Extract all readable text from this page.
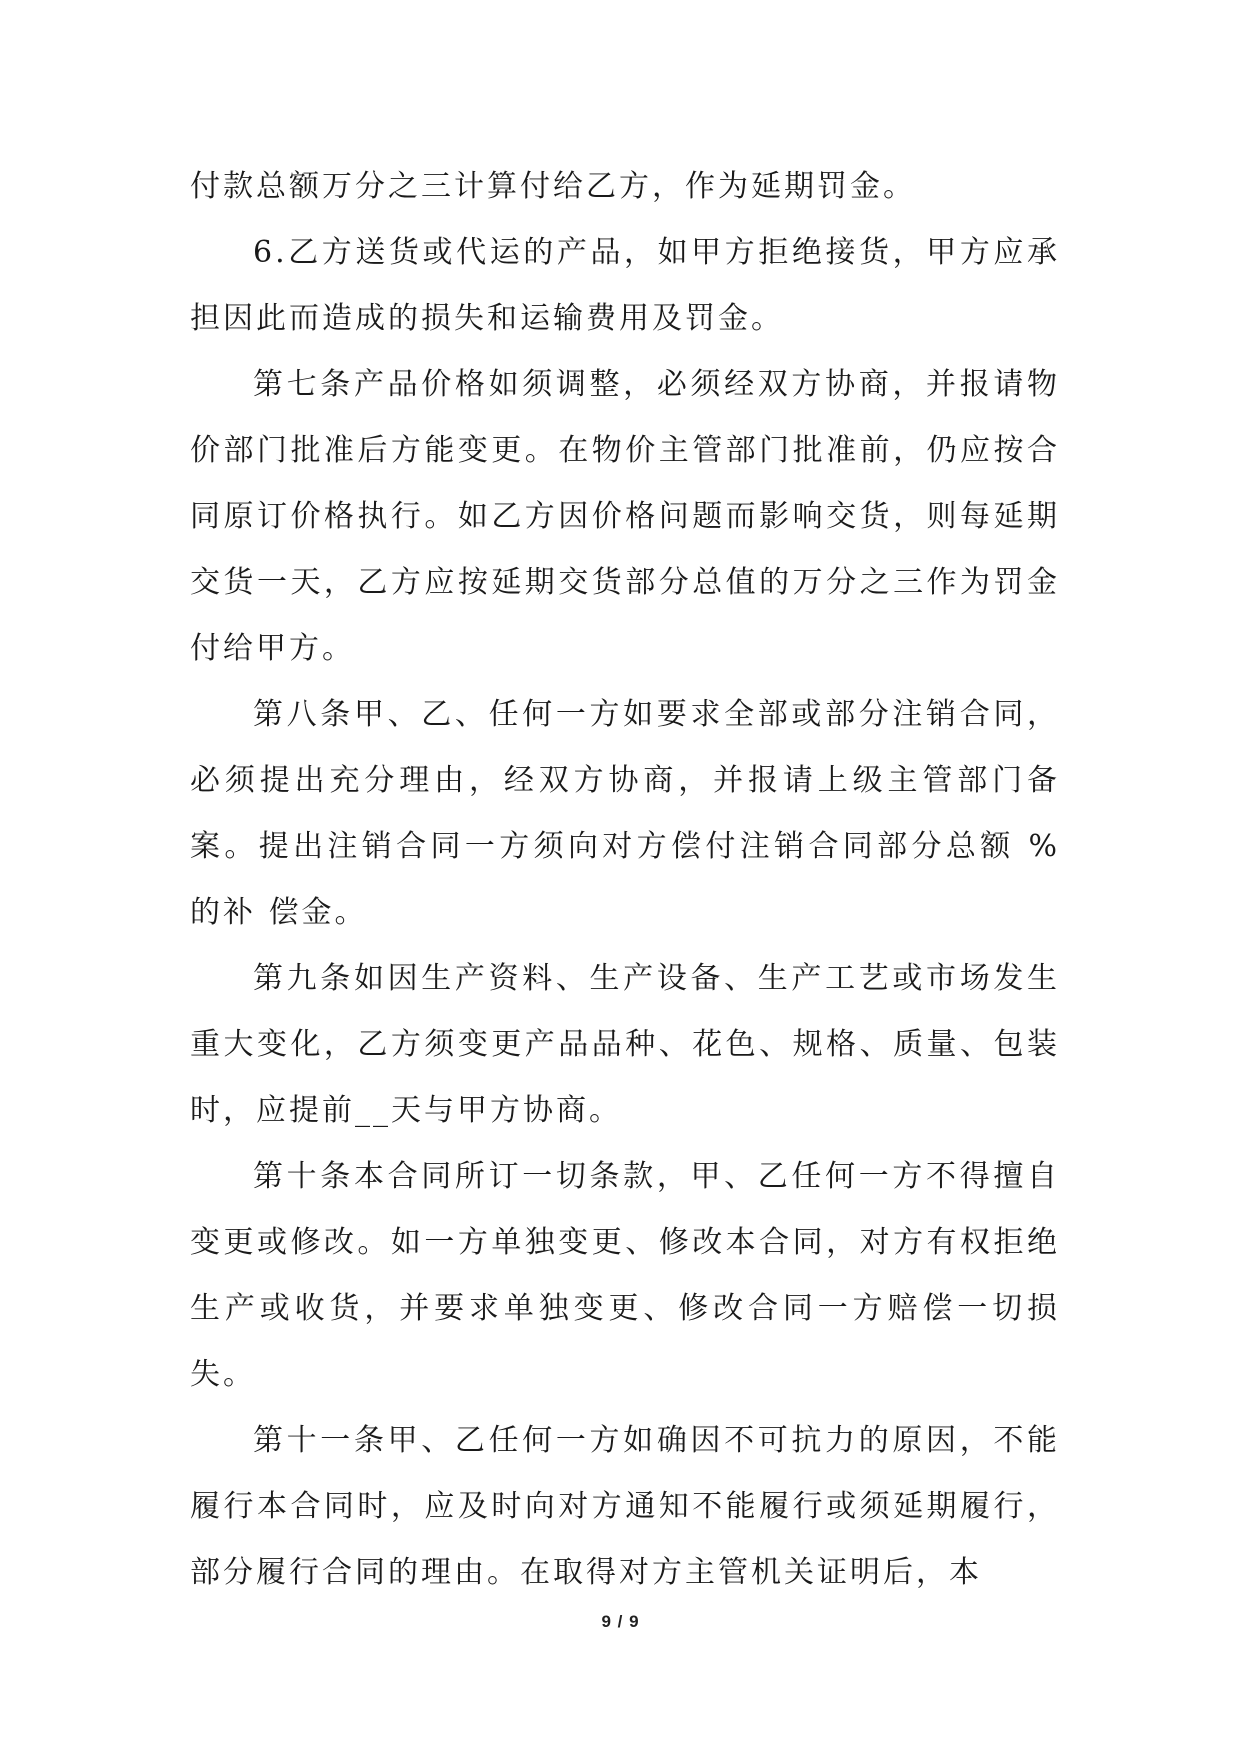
付款总额万分之三计算付给乙方，作为延期罚金。

6.乙方送货或代运的产品，如甲方拒绝接货，甲方应承担因此而造成的损失和运输费用及罚金。

第七条产品价格如须调整，必须经双方协商，并报请物价部门批准后方能变更。在物价主管部门批准前，仍应按合同原订价格执行。如乙方因价格问题而影响交货，则每延期交货一天，乙方应按延期交货部分总值的万分之三作为罚金付给甲方。

第八条甲、乙、任何一方如要求全部或部分注销合同，必须提出充分理由，经双方协商，并报请上级主管部门备案。提出注销合同一方须向对方偿付注销合同部分总额 % 的补 偿金。

第九条如因生产资料、生产设备、生产工艺或市场发生重大变化，乙方须变更产品品种、花色、规格、质量、包装时，应提前__天与甲方协商。

第十条本合同所订一切条款，甲、乙任何一方不得擅自变更或修改。如一方单独变更、修改本合同，对方有权拒绝生产或收货，并要求单独变更、修改合同一方赔偿一切损失。

第十一条甲、乙任何一方如确因不可抗力的原因，不能履行本合同时，应及时向对方通知不能履行或须延期履行，部分履行合同的理由。在取得对方主管机关证明后，本

9 / 9
